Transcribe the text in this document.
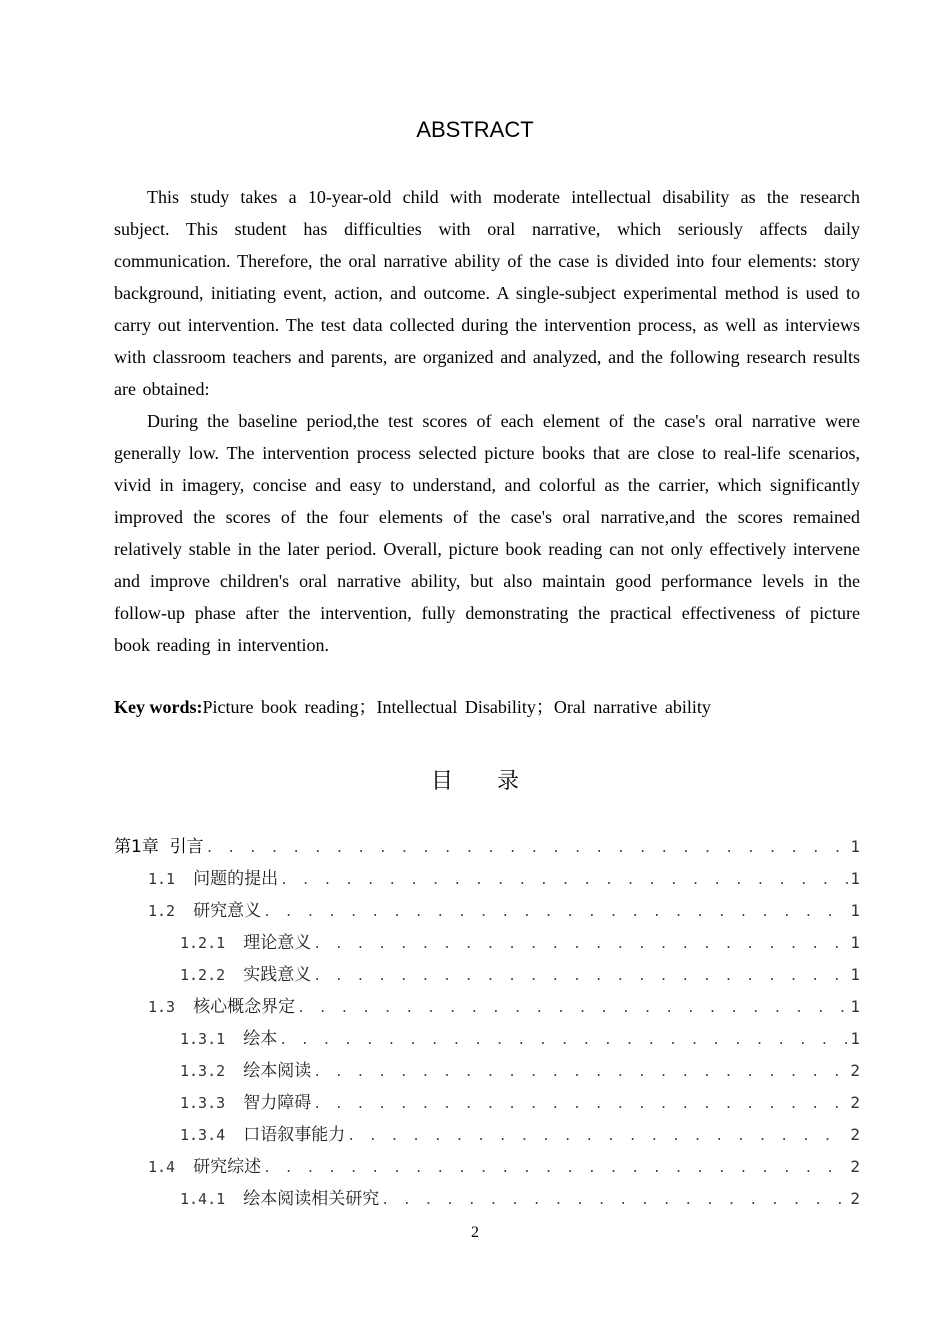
ABSTRACT

This study takes a 10-year-old child with moderate intellectual disability as the research subject. This student has difficulties with oral narrative, which seriously affects daily communication. Therefore, the oral narrative ability of the case is divided into four elements: story background, initiating event, action, and outcome. A single-subject experimental method is used to carry out intervention. The test data collected during the intervention process, as well as interviews with classroom teachers and parents, are organized and analyzed, and the following research results are obtained:

During the baseline period,the test scores of each element of the case's oral narrative were generally low. The intervention process selected picture books that are close to real-life scenarios, vivid in imagery, concise and easy to understand, and colorful as the carrier, which significantly improved the scores of the four elements of the case's oral narrative,and the scores remained relatively stable in the later period. Overall, picture book reading can not only effectively intervene and improve children's oral narrative ability, but also maintain good performance levels in the follow-up phase after the intervention, fully demonstrating the practical effectiveness of picture book reading in intervention.

Key words:Picture book reading；Intellectual Disability；Oral narrative ability
目 录
第1章 引言 . . .	1
1.1 问题的提出 . . .	1
1.2 研究意义 . . .	1
1.2.1 理论意义 . . .	1
1.2.2 实践意义 . . .	1
1.3 核心概念界定 . . .	1
1.3.1 绘本 . . .	1
1.3.2 绘本阅读 . . .	2
1.3.3 智力障碍 . . .	2
1.3.4 口语叙事能力 . . .	2
1.4 研究综述 . . .	2
1.4.1 绘本阅读相关研究 . . .	2
2
